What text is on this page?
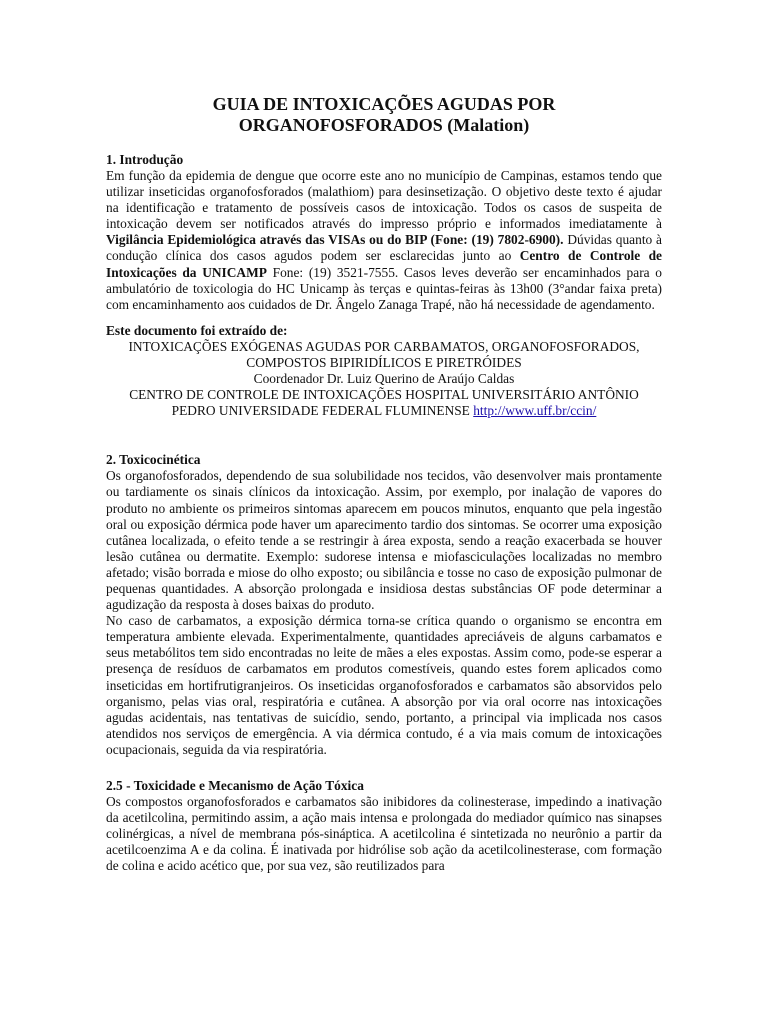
GUIA DE INTOXICAÇÕES AGUDAS POR
ORGANOFOSFORADOS (Malation)
1. Introdução

Em função da epidemia de dengue que ocorre este ano no município de Campinas, estamos tendo que utilizar inseticidas organofosforados (malathiom) para desinsetização. O objetivo deste texto é ajudar na identificação e tratamento de possíveis casos de intoxicação. Todos os casos de suspeita de intoxicação devem ser notificados através do impresso próprio e informados imediatamente à Vigilância Epidemiológica através das VISAs ou do BIP (Fone: (19) 7802-6900). Dúvidas quanto à condução clínica dos casos agudos podem ser esclarecidas junto ao Centro de Controle de Intoxicações da UNICAMP Fone: (19) 3521-7555. Casos leves deverão ser encaminhados para o ambulatório de toxicologia do HC Unicamp às terças e quintas-feiras às 13h00 (3°andar faixa preta) com encaminhamento aos cuidados de Dr. Ângelo Zanaga Trapé, não há necessidade de agendamento.

Este documento foi extraído de:
INTOXICAÇÕES EXÓGENAS AGUDAS POR CARBAMATOS, ORGANOFOSFORADOS,
COMPOSTOS BIPIRIDÍLICOS E PIRETRÓIDES
Coordenador Dr. Luiz Querino de Araújo Caldas
CENTRO DE CONTROLE DE INTOXICAÇÕES HOSPITAL UNIVERSITÁRIO ANTÔNIO
PEDRO UNIVERSIDADE FEDERAL FLUMINENSE http://www.uff.br/ccin/
2. Toxicocinética

Os organofosforados, dependendo de sua solubilidade nos tecidos, vão desenvolver mais prontamente ou tardiamente os sinais clínicos da intoxicação. Assim, por exemplo, por inalação de vapores do produto no ambiente os primeiros sintomas aparecem em poucos minutos, enquanto que pela ingestão oral ou exposição dérmica pode haver um aparecimento tardio dos sintomas. Se ocorrer uma exposição cutânea localizada, o efeito tende a se restringir à área exposta, sendo a reação exacerbada se houver lesão cutânea ou dermatite. Exemplo: sudorese intensa e miofasciculações localizadas no membro afetado; visão borrada e miose do olho exposto; ou sibilância e tosse no caso de exposição pulmonar de pequenas quantidades. A absorção prolongada e insidiosa destas substâncias OF pode determinar a agudização da resposta à doses baixas do produto.

No caso de carbamatos, a exposição dérmica torna-se crítica quando o organismo se encontra em temperatura ambiente elevada. Experimentalmente, quantidades apreciáveis de alguns carbamatos e seus metabólitos tem sido encontradas no leite de mães a eles expostas. Assim como, pode-se esperar a presença de resíduos de carbamatos em produtos comestíveis, quando estes forem aplicados como inseticidas em hortifrutigranjeiros. Os inseticidas organofosforados e carbamatos são absorvidos pelo organismo, pelas vias oral, respiratória e cutânea. A absorção por via oral ocorre nas intoxicações agudas acidentais, nas tentativas de suicídio, sendo, portanto, a principal via implicada nos casos atendidos nos serviços de emergência. A via dérmica contudo, é a via mais comum de intoxicações ocupacionais, seguida da via respiratória.

2.5 - Toxicidade e Mecanismo de Ação Tóxica

Os compostos organofosforados e carbamatos são inibidores da colinesterase, impedindo a inativação da acetilcolina, permitindo assim, a ação mais intensa e prolongada do mediador químico nas sinapses colinérgicas, a nível de membrana pós-sináptica. A acetilcolina é sintetizada no neurônio a partir da acetilcoenzima A e da colina. É inativada por hidrólise sob ação da acetilcolinesterase, com formação de colina e acido acético que, por sua vez, são reutilizados para
